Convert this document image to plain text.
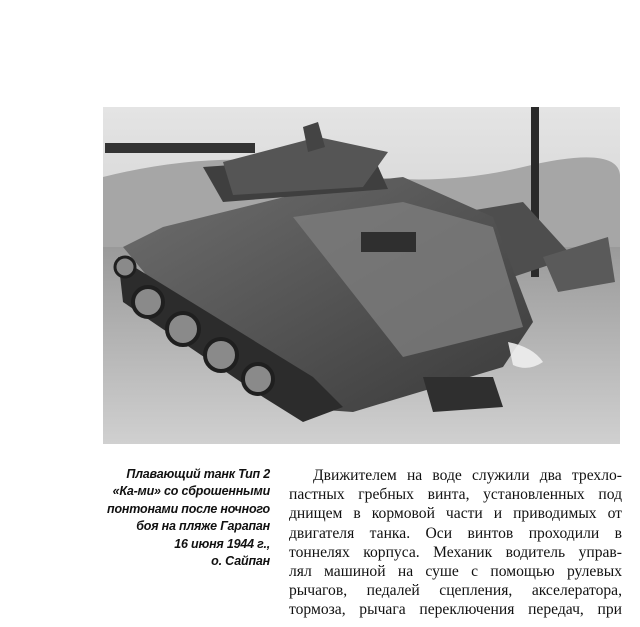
Плавающий танк Тип 2
«Ка-ми» со сброшенными
понтонами после ночного
боя на пляже Гарапан
16 июня 1944 г.,
о. Сайпан
Движителем на воде служили два трехло-
пастных гребных винта, установленных под
днищем в кормовой части и приводимых от
двигателя танка. Оси винтов проходили в
тоннелях корпуса. Механик водитель управ-
лял машиной на суше с помощью рулевых
рычагов, педалей сцепления, акселератора,
тормоза, рычага переключения передач, при
